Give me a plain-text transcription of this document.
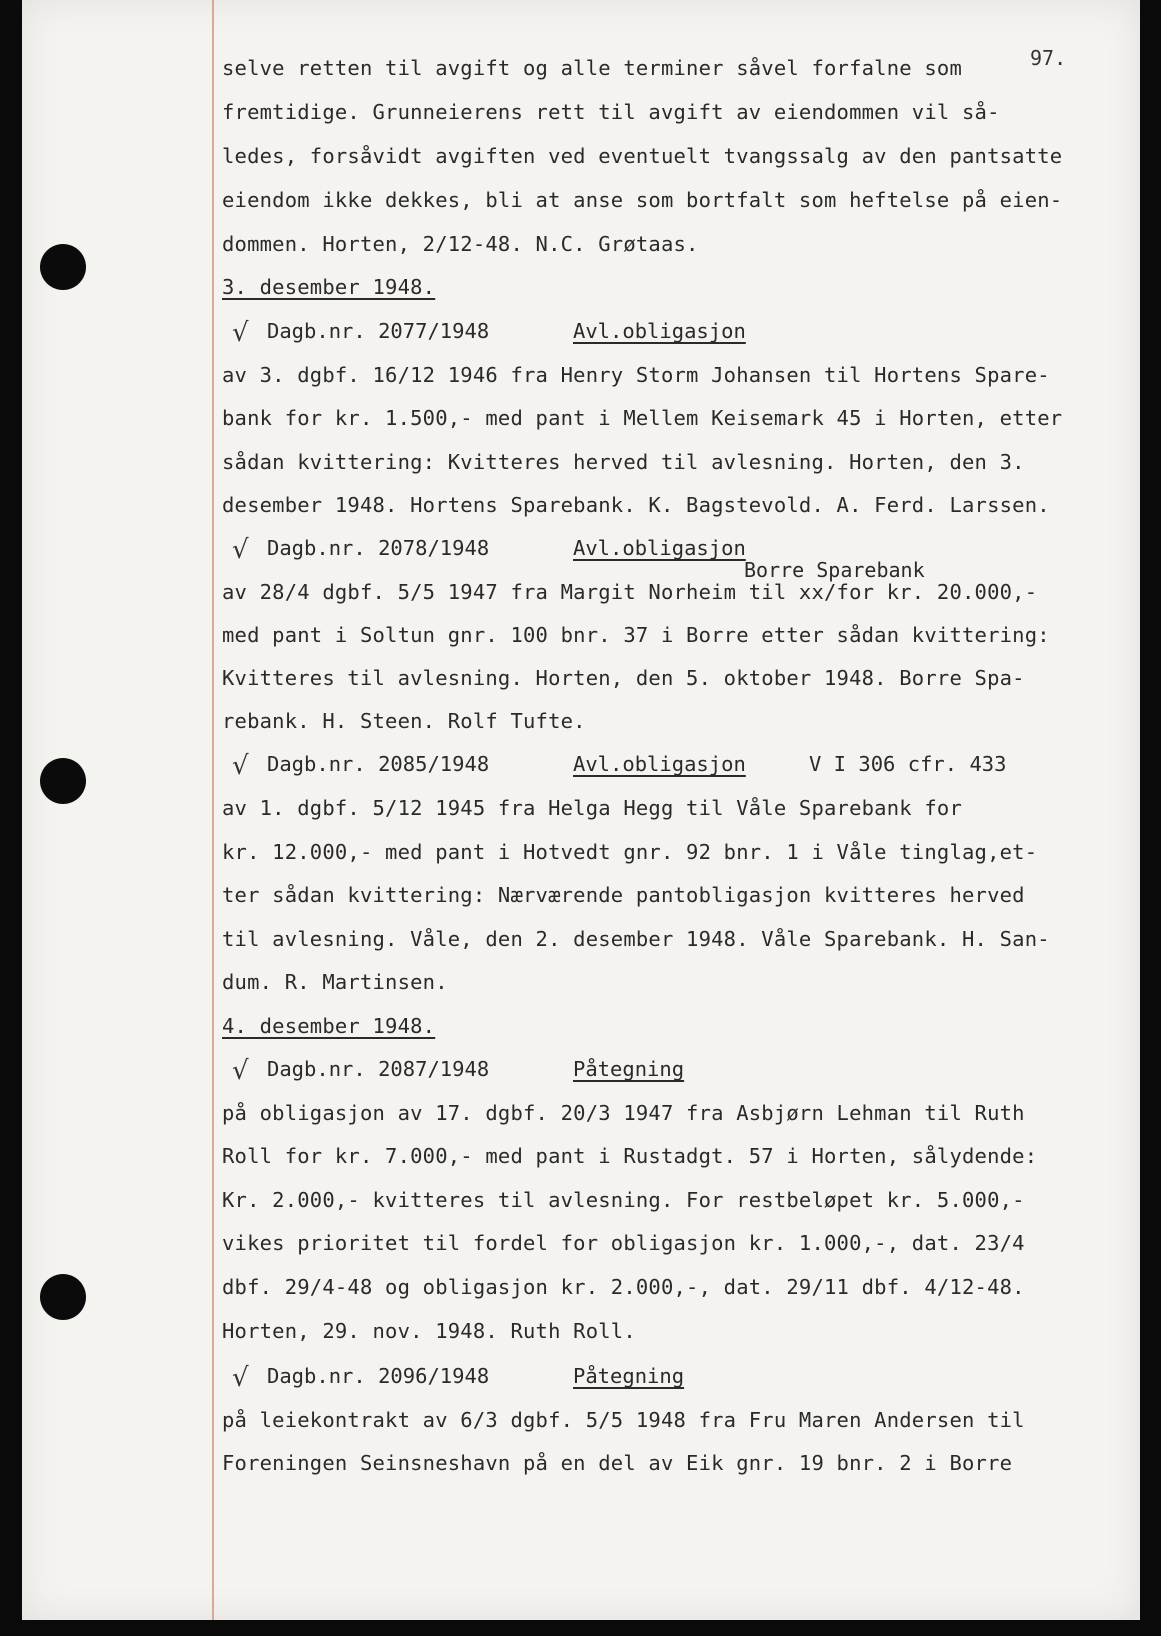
97.
selve retten til avgift og alle terminer såvel forfalne som
fremtidige. Grunneierens rett til avgift av eiendommen vil så-
ledes, forsåvidt avgiften ved eventuelt tvangssalg av den pantsatte
eiendom ikke dekkes, bli at anse som bortfalt som heftelse på eien-
dommen. Horten, 2/12-48. N.C. Grøtaas.
3. desember 1948.
√ Dagb.nr. 2077/1948	Avl.obligasjon
av 3. dgbf. 16/12 1946 fra Henry Storm Johansen til Hortens Spare-
bank for kr. 1.500,- med pant i Mellem Keisemark 45 i Horten, etter
sådan kvittering: Kvitteres herved til avlesning. Horten, den 3.
desember 1948. Hortens Sparebank. K. Bagstevold. A. Ferd. Larssen.
√ Dagb.nr. 2078/1948	Avl.obligasjon
Borre Sparebank
av 28/4 dgbf. 5/5 1947 fra Margit Norheim til xx/for kr. 20.000,-
med pant i Soltun gnr. 100 bnr. 37 i Borre etter sådan kvittering:
Kvitteres til avlesning. Horten, den 5. oktober 1948. Borre Spa-
rebank. H. Steen. Rolf Tufte.
√ Dagb.nr. 2085/1948	Avl.obligasjon	V I 306 cfr. 433
av 1. dgbf. 5/12 1945 fra Helga Hegg til Våle Sparebank for
kr. 12.000,- med pant i Hotvedt gnr. 92 bnr. 1 i Våle tinglag,et-
ter sådan kvittering: Nærværende pantobligasjon kvitteres herved
til avlesning. Våle, den 2. desember 1948. Våle Sparebank. H. San-
dum. R. Martinsen.
4. desember 1948.
√ Dagb.nr. 2087/1948	Påtegning
på obligasjon av 17. dgbf. 20/3 1947 fra Asbjørn Lehman til Ruth
Roll for kr. 7.000,- med pant i Rustadgt. 57 i Horten, sålydende:
Kr. 2.000,- kvitteres til avlesning. For restbeløpet kr. 5.000,-
vikes prioritet til fordel for obligasjon kr. 1.000,-, dat. 23/4
dbf. 29/4-48 og obligasjon kr. 2.000,-, dat. 29/11 dbf. 4/12-48.
Horten, 29. nov. 1948. Ruth Roll.
√ Dagb.nr. 2096/1948	Påtegning
på leiekontrakt av 6/3 dgbf. 5/5 1948 fra Fru Maren Andersen til
Foreningen Seinsneshavn på en del av Eik gnr. 19 bnr. 2 i Borre
